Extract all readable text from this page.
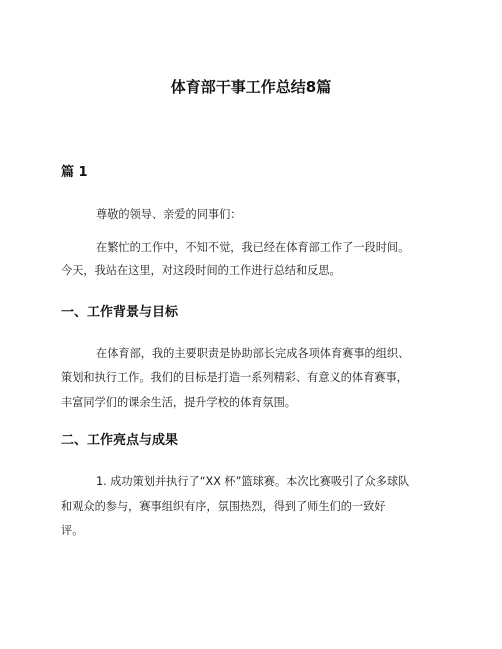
体育部干事工作总结8篇
篇 1
尊敬的领导、亲爱的同事们：
在繁忙的工作中，不知不觉，我已经在体育部工作了一段时间。
今天，我站在这里，对这段时间的工作进行总结和反思。
一、工作背景与目标
在体育部，我的主要职责是协助部长完成各项体育赛事的组织、
策划和执行工作。我们的目标是打造一系列精彩、有意义的体育赛事，
丰富同学们的课余生活，提升学校的体育氛围。
二、工作亮点与成果
1. 成功策划并执行了“XX 杯”篮球赛。本次比赛吸引了众多球队
和观众的参与，赛事组织有序，氛围热烈，得到了师生们的一致好
评。
